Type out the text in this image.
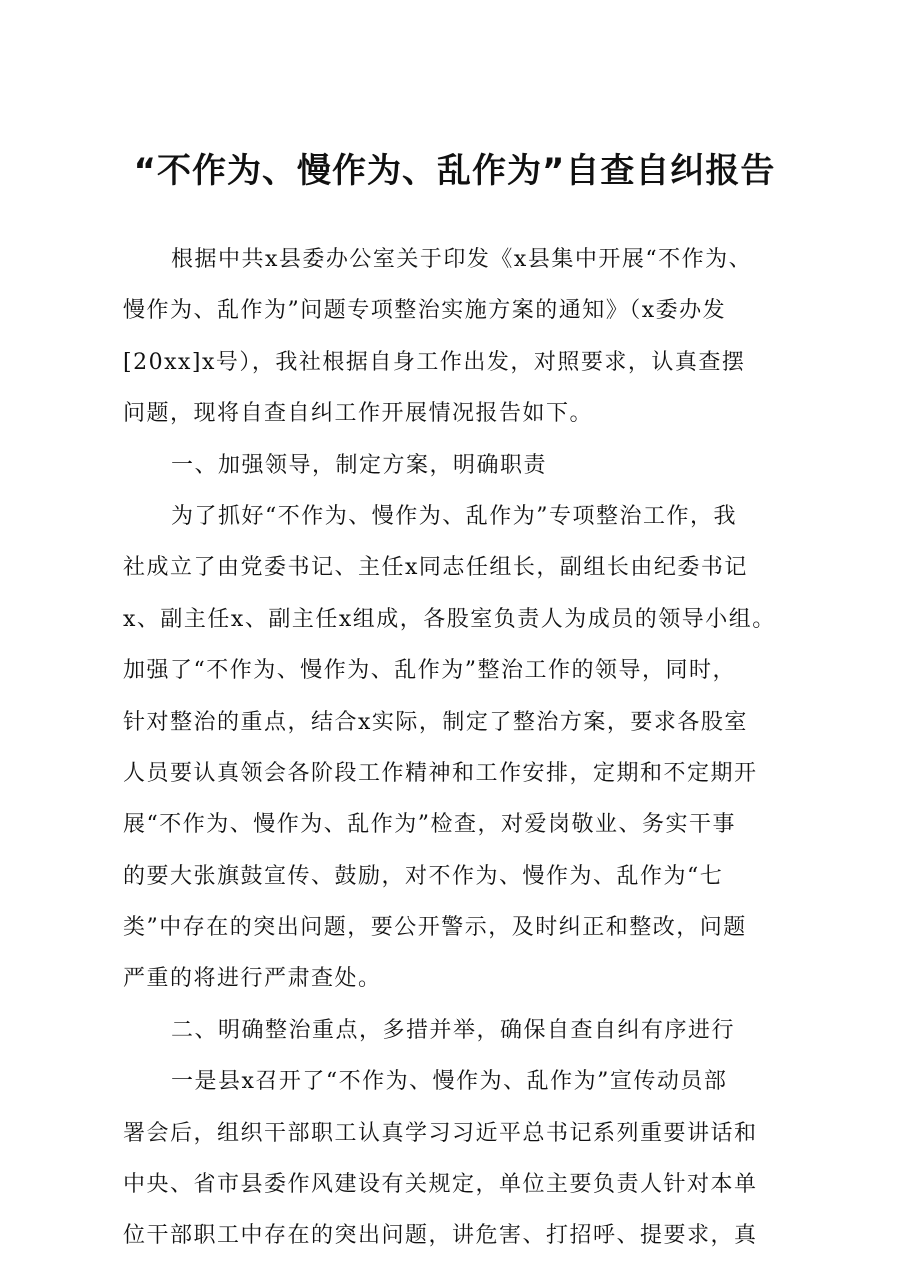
“不作为、慢作为、乱作为”自查自纠报告
根据中共x县委办公室关于印发《x县集中开展“不作为、
慢作为、乱作为”问题专项整治实施方案的通知》（x委办发
[20xx]x号），我社根据自身工作出发，对照要求，认真查摆
问题，现将自查自纠工作开展情况报告如下。
一、加强领导，制定方案，明确职责
为了抓好“不作为、慢作为、乱作为”专项整治工作，我
社成立了由党委书记、主任x同志任组长，副组长由纪委书记
x、副主任x、副主任x组成，各股室负责人为成员的领导小组。
加强了“不作为、慢作为、乱作为”整治工作的领导，同时，
针对整治的重点，结合x实际，制定了整治方案，要求各股室
人员要认真领会各阶段工作精神和工作安排，定期和不定期开
展“不作为、慢作为、乱作为”检查，对爱岗敬业、务实干事
的要大张旗鼓宣传、鼓励，对不作为、慢作为、乱作为“七
类”中存在的突出问题，要公开警示，及时纠正和整改，问题
严重的将进行严肃查处。
二、明确整治重点，多措并举，确保自查自纠有序进行
一是县x召开了“不作为、慢作为、乱作为”宣传动员部
署会后，组织干部职工认真学习习近平总书记系列重要讲话和
中央、省市县委作风建设有关规定，单位主要负责人针对本单
位干部职工中存在的突出问题，讲危害、打招呼、提要求，真
